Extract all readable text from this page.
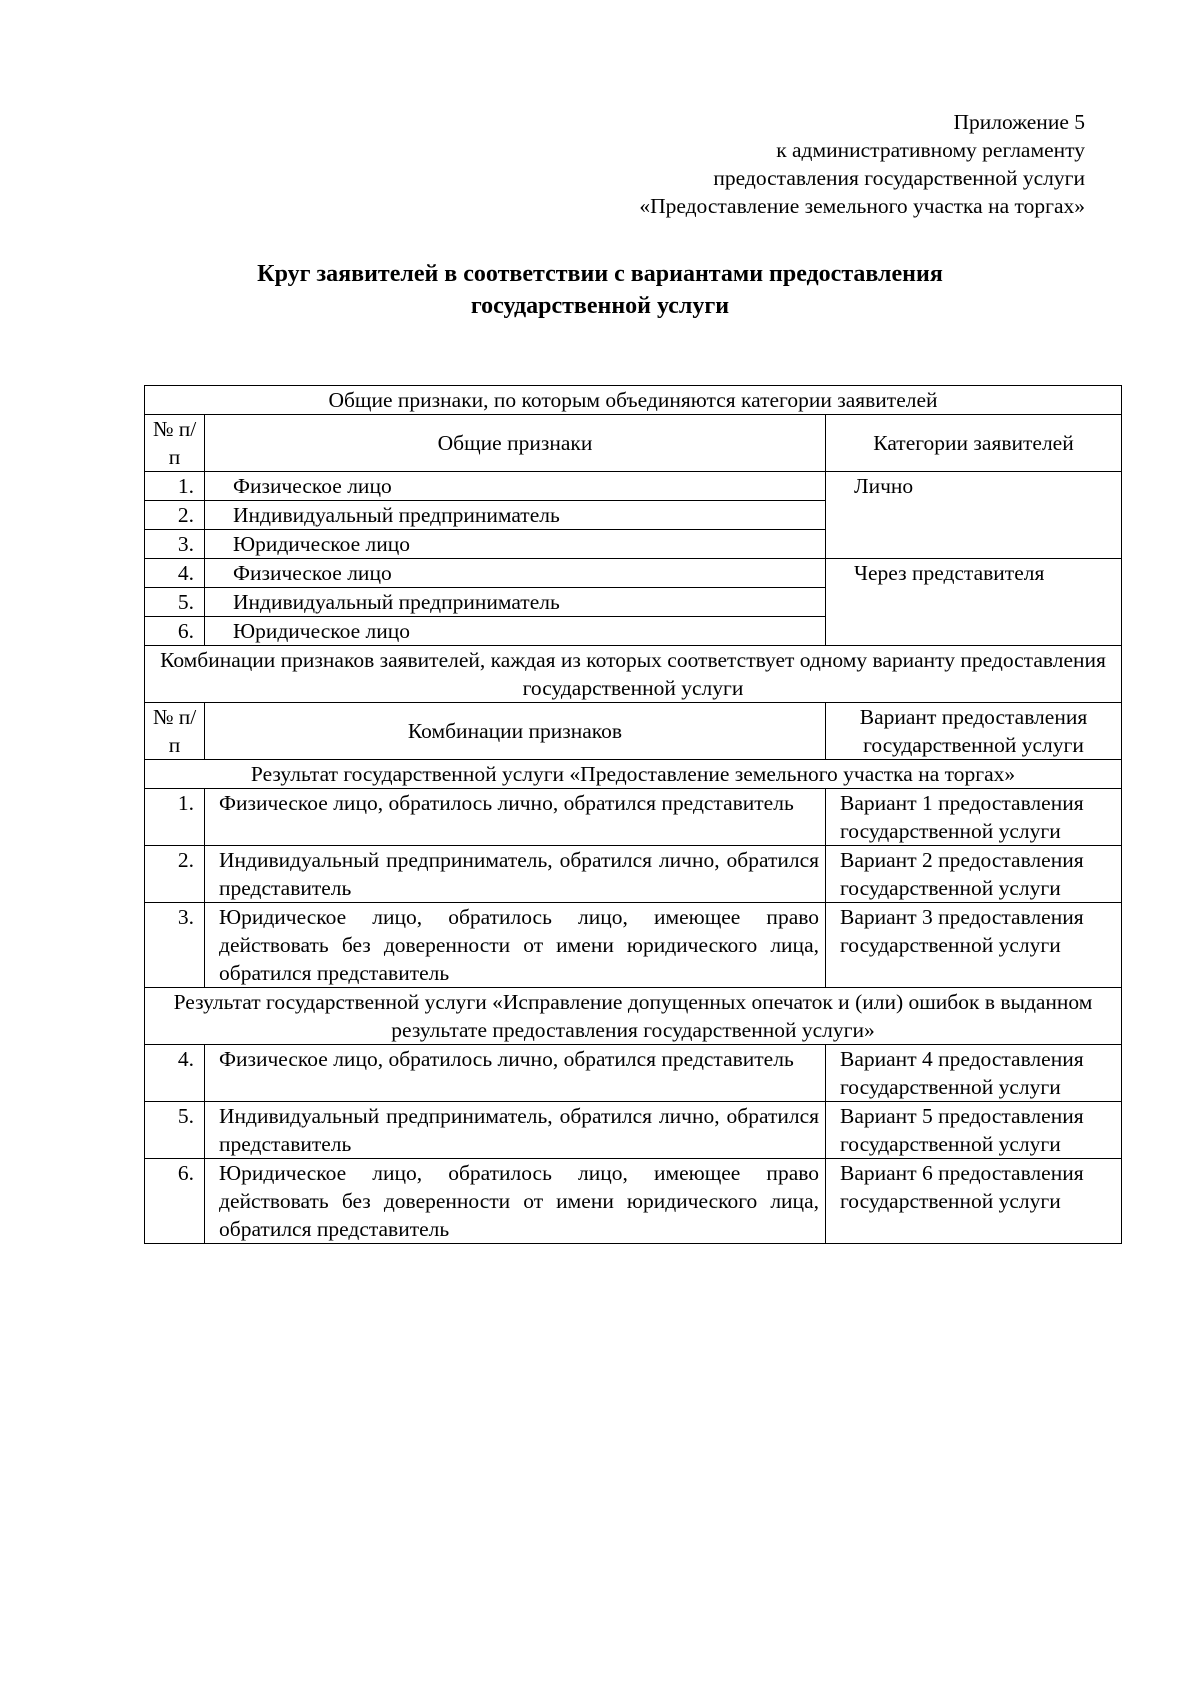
Приложение 5
к административному регламенту
предоставления государственной услуги
«Предоставление земельного участка на торгах»
Круг заявителей в соответствии с вариантами предоставления
государственной услуги
Общие признаки, по которым объединяются категории заявителей		
№ п/п	Общие признаки	Категории заявителей
1.	Физическое лицо	Лично
2.	Индивидуальный предприниматель	
3.	Юридическое лицо	
4.	Физическое лицо	Через представителя
5.	Индивидуальный предприниматель	
6.	Юридическое лицо	
Комбинации признаков заявителей, каждая из которых соответствует одному варианту предоставления государственной услуги		
№ п/п	Комбинации признаков	Вариант предоставления государственной услуги
Результат государственной услуги «Предоставление земельного участка на торгах»		
1.	Физическое лицо, обратилось лично, обратился представитель	Вариант 1 предоставления государственной услуги
2.	Индивидуальный предприниматель, обратился лично, обратился представитель	Вариант 2 предоставления государственной услуги
3.	Юридическое лицо, обратилось лицо, имеющее право действовать без доверенности от имени юридического лица, обратился представитель	Вариант 3 предоставления государственной услуги
Результат государственной услуги «Исправление допущенных опечаток и (или) ошибок в выданном результате предоставления государственной услуги»		
4.	Физическое лицо, обратилось лично, обратился представитель	Вариант 4 предоставления государственной услуги
5.	Индивидуальный предприниматель, обратился лично, обратился представитель	Вариант 5 предоставления государственной услуги
6.	Юридическое лицо, обратилось лицо, имеющее право действовать без доверенности от имени юридического лица, обратился представитель	Вариант 6 предоставления государственной услуги
